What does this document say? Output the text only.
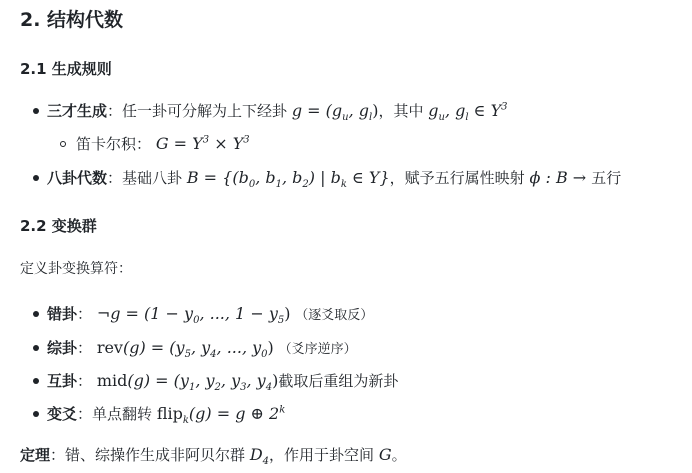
2. 结构代数
2.1 生成规则
三才生成：任一卦可分解为上下经卦 $g = (g_u$, $g_l$)，其中 $g_u$, $g_l$ ∈ $Y^3$
笛卡尔积： $G = Y^3 \times Y^3$
八卦代数：基础八卦 $B = \{(b_0$, $b_1$, $b_2$) | $b_k$ ∈ Y}，赋予五行属性映射 ϕ : B → 五行
2.2 变换群
定义卦变换算符：
错卦： ¬g = ($1 - y_0$, ..., $1 - y_5$) （逐爻取反）
综卦： $rev(g) = (y_5$, $y_4$, ..., $y_0$) （爻序逆序）
互卦： $mid(g) = (y_1$, $y_2$, $y_3$, $y_4$)截取后重组为新卦
变爻：单点翻转 flip$_k$(g) = g ⊕ 2$^k$
定理：错、综操作生成非阿贝尔群 $D_4$，作用于卦空间 G。
